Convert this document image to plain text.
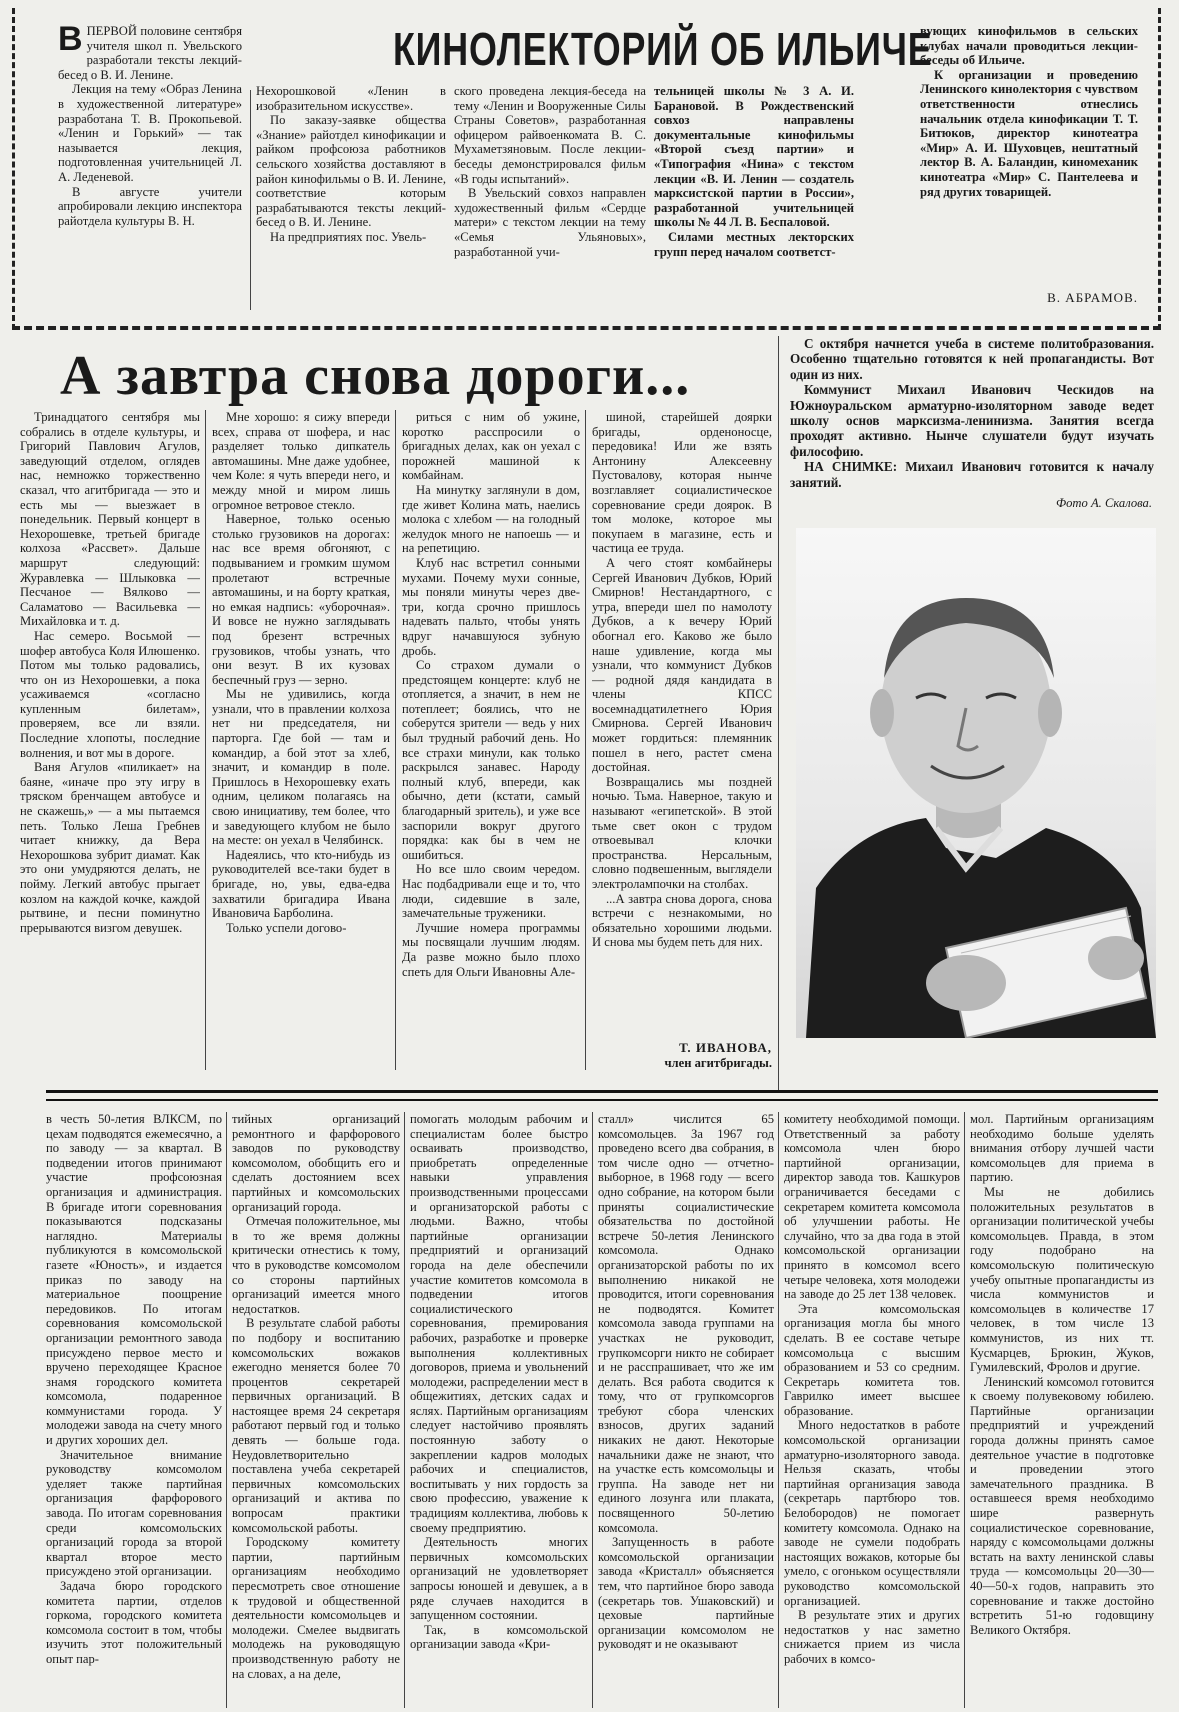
КИНОЛЕКТОРИЙ ОБ ИЛЬИЧЕ

ВПЕРВОЙ половине сентября учителя школ п. Увельского разработали тексты лекций-бесед о В. И. Ленине.

Лекция на тему «Образ Ленина в художественной литературе» разработана Т. В. Прокопьевой. «Ленин и Горький» — так называется лекция, подготовленная учительницей Л. А. Леденевой.

В августе учители апробировали лекцию инспектора райотдела культуры В. Н.

Нехорошковой «Ленин в изобразительном искусстве».

По заказу-заявке общества «Знание» райотдел кинофикации и райком профсоюза работников сельского хозяйства доставляют в район кинофильмы о В. И. Ленине, соответствие которым разрабатываются тексты лекций-бесед о В. И. Ленине.

На предприятиях пос. Увель-

ского проведена лекция-беседа на тему «Ленин и Вооруженные Силы Страны Советов», разработанная офицером райвоенкомата В. С. Мухаметзяновым. После лекции-беседы демонстрировался фильм «В годы испытаний».

В Увельский совхоз направлен художественный фильм «Сердце матери» с текстом лекции на тему «Семья Ульяновых», разработанной учи-

тельницей школы № 3 А. И. Барановой. В Рождественский совхоз направлены документальные кинофильмы «Второй съезд партии» и «Типография «Нина» с текстом лекции «В. И. Ленин — создатель марксистской партии в России», разработанной учительницей школы № 44 Л. В. Беспаловой.

Силами местных лекторских групп перед началом соответст-

вующих кинофильмов в сельских клубах начали проводиться лекции-беседы об Ильиче.

К организации и проведению Ленинского кинолектория с чувством ответственности отнеслись начальник отдела кинофикации Т. Т. Битюков, директор кинотеатра «Мир» А. И. Шуховцев, нештатный лектор В. А. Баландин, киномеханик кинотеатра «Мир» С. Пантелеева и ряд других товарищей.

В. АБРАМОВ.
А завтра снова дороги...

Тринадцатого сентября мы собрались в отделе культуры, и Григорий Павлович Агулов, заведующий отделом, оглядев нас, немножко торжественно сказал, что агитбригада — это и есть мы — выезжает в понедельник. Первый концерт в Нехорошевке, третьей бригаде колхоза «Рассвет». Дальше маршрут следующий: Журавлевка — Шлыковка — Песчаное — Вялково — Саламатово — Васильевка — Михайловка и т. д.

Нас семеро. Восьмой — шофер автобуса Коля Илюшенко. Потом мы только радовались, что он из Нехорошевки, а пока усаживаемся «согласно купленным билетам», проверяем, все ли взяли. Последние хлопоты, последние волнения, и вот мы в дороге.

Ваня Агулов «пиликает» на баяне, «иначе про эту игру в тряском бренчащем автобусе и не скажешь,» — а мы пытаемся петь. Только Леша Гребнев читает книжку, да Вера Нехорошкова зубрит диамат. Как это они умудряются делать, не пойму. Легкий автобус прыгает козлом на каждой кочке, каждой рытвине, и песни поминутно прерываются визгом девушек.

Мне хорошо: я сижу впереди всех, справа от шофера, и нас разделяет только дипкатель автомашины. Мне даже удобнее, чем Коле: я чуть впереди него, и между мной и миром лишь огромное ветровое стекло.

Наверное, только осенью столько грузовиков на дорогах: нас все время обгоняют, с подвыванием и громким шумом пролетают встречные автомашины, и на борту краткая, но емкая надпись: «уборочная». И вовсе не нужно заглядывать под брезент встречных грузовиков, чтобы узнать, что они везут. В их кузовах беспечный груз — зерно.

Мы не удивились, когда узнали, что в правлении колхоза нет ни председателя, ни парторга. Где бой — там и командир, а бой этот за хлеб, значит, и командир в поле. Пришлось в Нехорошевку ехать одним, целиком полагаясь на свою инициативу, тем более, что и заведующего клубом не было на месте: он уехал в Челябинск.

Надеялись, что кто-нибудь из руководителей все-таки будет в бригаде, но, увы, едва-едва захватили бригадира Ивана Ивановича Барболина.

Только успели догово-

риться с ним об ужине, коротко расспросили о бригадных делах, как он уехал с порожней машиной к комбайнам.

На минутку заглянули в дом, где живет Колина мать, наелись молока с хлебом — на голодный желудок много не напоешь — и на репетицию.

Клуб нас встретил сонными мухами. Почему мухи сонные, мы поняли минуты через две-три, когда срочно пришлось надевать пальто, чтобы унять вдруг начавшуюся зубную дробь.

Со страхом думали о предстоящем концерте: клуб не отопляется, а значит, в нем не потеплеет; боялись, что не соберутся зрители — ведь у них был трудный рабочий день. Но все страхи минули, как только раскрылся занавес. Народу полный клуб, впереди, как обычно, дети (кстати, самый благодарный зритель), и уже все заспорили вокруг другого порядка: как бы в чем не ошибиться.

Но все шло своим чередом. Нас подбадривали еще и то, что люди, сидевшие в зале, замечательные труженики.

Лучшие номера программы мы посвящали лучшим людям. Да разве можно было плохо спеть для Ольги Ивановны Але-

шиной, старейшей доярки бригады, орденоносце, передовика! Или же взять Антонину Алексеевну Пустовалову, которая нынче возглавляет социалистическое соревнование среди доярок. В том молоке, которое мы покупаем в магазине, есть и частица ее труда.

А чего стоят комбайнеры Сергей Иванович Дубков, Юрий Смирнов! Нестандартного, с утра, впереди шел по намолоту Дубков, а к вечеру Юрий обогнал его. Каково же было наше удивление, когда мы узнали, что коммунист Дубков — родной дядя кандидата в члены КПСС восемнадцатилетнего Юрия Смирнова. Сергей Иванович может гордиться: племянник пошел в него, растет смена достойная.

Возвращались мы поздней ночью. Тьма. Наверное, такую и называют «египетской». В этой тьме свет окон с трудом отвоевывал клочки пространства. Нерсальным, словно подвешенным, выглядели электролампочки на столбах.

...А завтра снова дорога, снова встречи с незнакомыми, но обязательно хорошими людьми. И снова мы будем петь для них.

Т. ИВАНОВА,
член агитбригады.

С октября начнется учеба в системе политобразования. Особенно тщательно готовятся к ней пропагандисты. Вот один из них.

Коммунист Михаил Иванович Ческидов на Южноуральском арматурно-изоляторном заводе ведет школу основ марксизма-ленинизма. Занятия всегда проходят активно. Нынче слушатели будут изучать философию.

НА СНИМКЕ: Михаил Иванович готовится к началу занятий.

Фото А. Скалова.

в честь 50-летия ВЛКСМ, по цехам подводятся ежемесячно, а по заводу — за квартал. В подведении итогов принимают участие профсоюзная организация и администрация. В бригаде итоги соревнования показываются подсказаны наглядно. Материалы публикуются в комсомольской газете «Юность», и издается приказ по заводу на материальное поощрение передовиков. По итогам соревнования комсомольской организации ремонтного завода присуждено первое место и вручено переходящее Красное знамя городского комитета комсомола, подаренное коммунистами города. У молодежи завода на счету много и других хороших дел.

Значительное внимание руководству комсомолом уделяет также партийная организация фарфорового завода. По итогам соревнования среди комсомольских организаций города за второй квартал второе место присуждено этой организации.

Задача бюро городского комитета партии, отделов горкома, городского комитета комсомола состоит в том, чтобы изучить этот положительный опыт пар-

тийных организаций ремонтного и фарфорового заводов по руководству комсомолом, обобщить его и сделать достоянием всех партийных и комсомольских организаций города.

Отмечая положительное, мы в то же время должны критически отнестись к тому, что в руководстве комсомолом со стороны партийных организаций имеется много недостатков.

В результате слабой работы по подбору и воспитанию комсомольских вожаков ежегодно меняется более 70 процентов секретарей первичных организаций. В настоящее время 24 секретаря работают первый год и только девять — больше года. Неудовлетворительно поставлена учеба секретарей первичных комсомольских организаций и актива по вопросам практики комсомольской работы.

Городскому комитету партии, партийным организациям необходимо пересмотреть свое отношение к трудовой и общественной деятельности комсомольцев и молодежи. Смелее выдвигать молодежь на руководящую производственную работу не на словах, а на деле,

помогать молодым рабочим и специалистам более быстро осваивать производство, приобретать определенные навыки управления производственными процессами и организаторской работы с людьми. Важно, чтобы партийные организации предприятий и организаций города на деле обеспечили участие комитетов комсомола в подведении итогов социалистического соревнования, премирования рабочих, разработке и проверке выполнения коллективных договоров, приема и увольнений молодежи, распределении мест в общежитиях, детских садах и яслях. Партийным организациям следует настойчиво проявлять постоянную заботу о закреплении кадров молодых рабочих и специалистов, воспитывать у них гордость за свою профессию, уважение к традициям коллектива, любовь к своему предприятию.

Деятельность многих первичных комсомольских организаций не удовлетворяет запросы юношей и девушек, а в ряде случаев находится в запущенном состоянии.

Так, в комсомольской организации завода «Кри-

сталл» числится 65 комсомольцев. За 1967 год проведено всего два собрания, в том числе одно — отчетно-выборное, в 1968 году — всего одно собрание, на котором были приняты социалистические обязательства по достойной встрече 50-летия Ленинского комсомола. Однако организаторской работы по их выполнению никакой не проводится, итоги соревнования не подводятся. Комитет комсомола завода группами на участках не руководит, групкомсорги никто не собирает и не расспрашивает, что же им делать. Вся работа сводится к тому, что от групкомсоргов требуют сбора членских взносов, других заданий никаких не дают. Некоторые начальники даже не знают, что на участке есть комсомольцы и группа. На заводе нет ни единого лозунга или плаката, посвященного 50-летию комсомола.

Запущенность в работе комсомольской организации завода «Кристалл» объясняется тем, что партийное бюро завода (секретарь тов. Ушаковский) и цеховые партийные организации комсомолом не руководят и не оказывают

комитету необходимой помощи. Ответственный за работу комсомола член бюро партийной организации, директор завода тов. Кашкуров ограничивается беседами с секретарем комитета комсомола об улучшении работы. Не случайно, что за два года в этой комсомольской организации принято в комсомол всего четыре человека, хотя молодежи на заводе до 25 лет 138 человек.

Эта комсомольская организация могла бы много сделать. В ее составе четыре комсомольца с высшим образованием и 53 со средним. Секретарь комитета тов. Гаврилко имеет высшее образование.

Много недостатков в работе комсомольской организации арматурно-изоляторного завода. Нельзя сказать, чтобы партийная организация завода (секретарь партбюро тов. Белобородов) не помогает комитету комсомола. Однако на заводе не сумели подобрать настоящих вожаков, которые бы умело, с огоньком осуществляли руководство комсомольской организацией.

В результате этих и других недостатков у нас заметно снижается прием из числа рабочих в комсо-

мол. Партийным организациям необходимо больше уделять внимания отбору лучшей части комсомольцев для приема в партию.

Мы не добились положительных результатов в организации политической учебы комсомольцев. Правда, в этом году подобрано на комсомольскую политическую учебу опытные пропагандисты из числа коммунистов и комсомольцев в количестве 17 человек, в том числе 13 коммунистов, из них тт. Кусмарцев, Брюкин, Жуков, Гумилевский, Фролов и другие.

Ленинский комсомол готовится к своему полувековому юбилею. Партийные организации предприятий и учреждений города должны принять самое деятельное участие в подготовке и проведении этого замечательного праздника. В оставшееся время необходимо шире развернуть социалистическое соревнование, наряду с комсомольцами должны встать на вахту ленинской славы труда — комсомольцы 20—30—40—50-х годов, направить это соревнование и также достойно встретить 51-ю годовщину Великого Октября.
